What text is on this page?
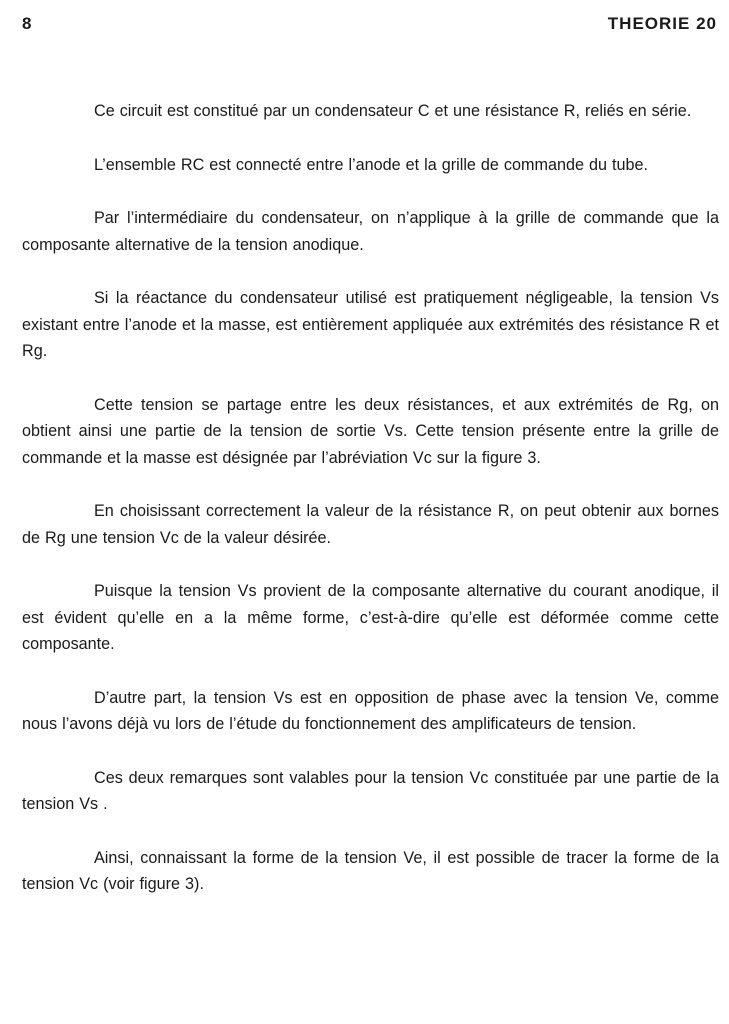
8	THEORIE 20

Ce circuit est constitué par un condensateur C et une résistance R, reliés en série.

L’ensemble RC est connecté entre l’anode et la grille de commande du tube.

Par l’intermédiaire du condensateur, on n’applique à la grille de commande que la composante alternative de la tension anodique.

Si la réactance du condensateur utilisé est pratiquement négligeable, la tension Vs existant entre l’anode et la masse, est entièrement appliquée aux extrémités des résistance R et Rg.

Cette tension se partage entre les deux résistances, et aux extrémités de Rg, on obtient ainsi une partie de la tension de sortie Vs. Cette tension présente entre la grille de commande et la masse est désignée par l’abréviation Vc sur la figure 3.

En choisissant correctement la valeur de la résistance R, on peut obtenir aux bornes de Rg une tension Vc de la valeur désirée.

Puisque la tension Vs provient de la composante alternative du courant anodique, il est évident qu’elle en a la même forme, c’est-à-dire qu’elle est déformée comme cette composante.

D’autre part, la tension Vs est en opposition de phase avec la tension Ve, comme nous l’avons déjà vu lors de l’étude du fonctionnement des amplificateurs de tension.

Ces deux remarques sont valables pour la tension Vc constituée par une partie de la tension Vs .

Ainsi, connaissant la forme de la tension Ve, il est possible de tracer la forme de la tension Vc (voir figure 3).
